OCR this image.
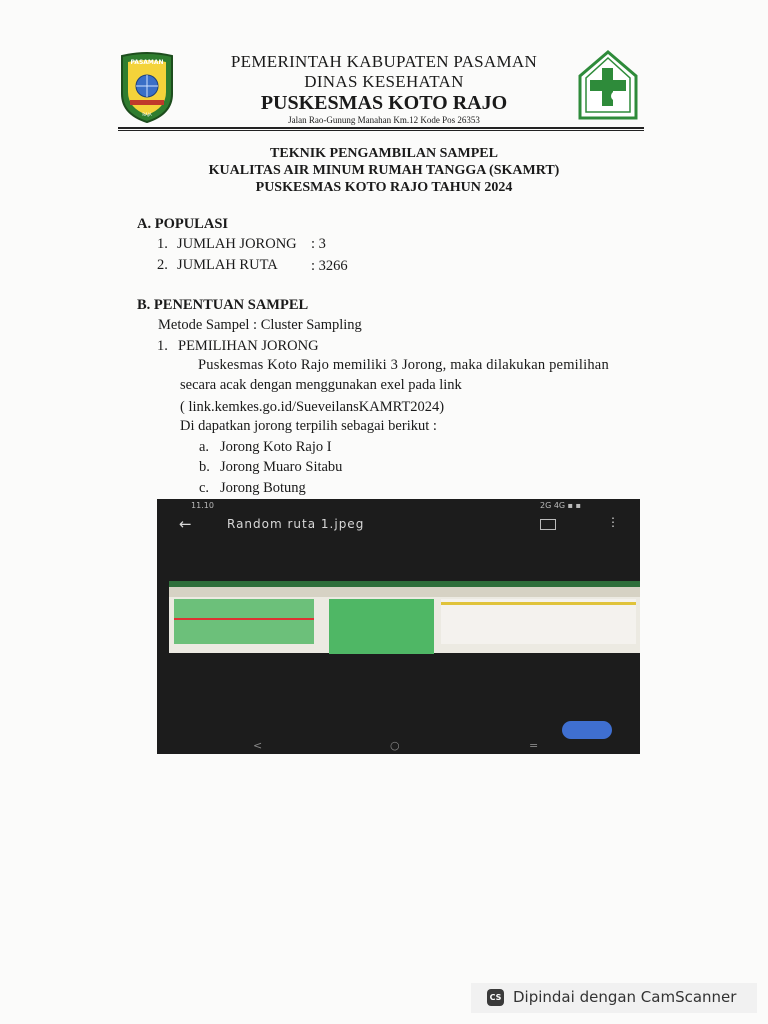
PASAMAN
RAJA
PEMERINTAH KABUPATEN PASAMAN
DINAS KESEHATAN
PUSKESMAS KOTO RAJO
Jalan Rao-Gunung Manahan Km.12 Kode Pos 26353
TEKNIK PENGAMBILAN SAMPEL
KUALITAS AIR MINUM RUMAH TANGGA (SKAMRT)
PUSKESMAS KOTO RAJO TAHUN 2024
A. POPULASI
1. JUMLAH JORONG : 3
2. JUMLAH RUTA : 3266
B. PENENTUAN SAMPEL
Metode Sampel : Cluster Sampling
1. PEMILIHAN JORONG
Puskesmas Koto Rajo memiliki 3 Jorong, maka dilakukan pemilihan
secara acak dengan menggunakan exel pada link
( link.kemkes.go.id/SueveilansKAMRT2024)
Di dapatkan jorong terpilih sebagai berikut :
a. Jorong Koto Rajo I
b. Jorong Muaro Sitabu
c. Jorong Botung
11.10	2G 4G ▪ ▪
←	Random ruta 1.jpeg	⋮
<	○	=
CS Dipindai dengan CamScanner
